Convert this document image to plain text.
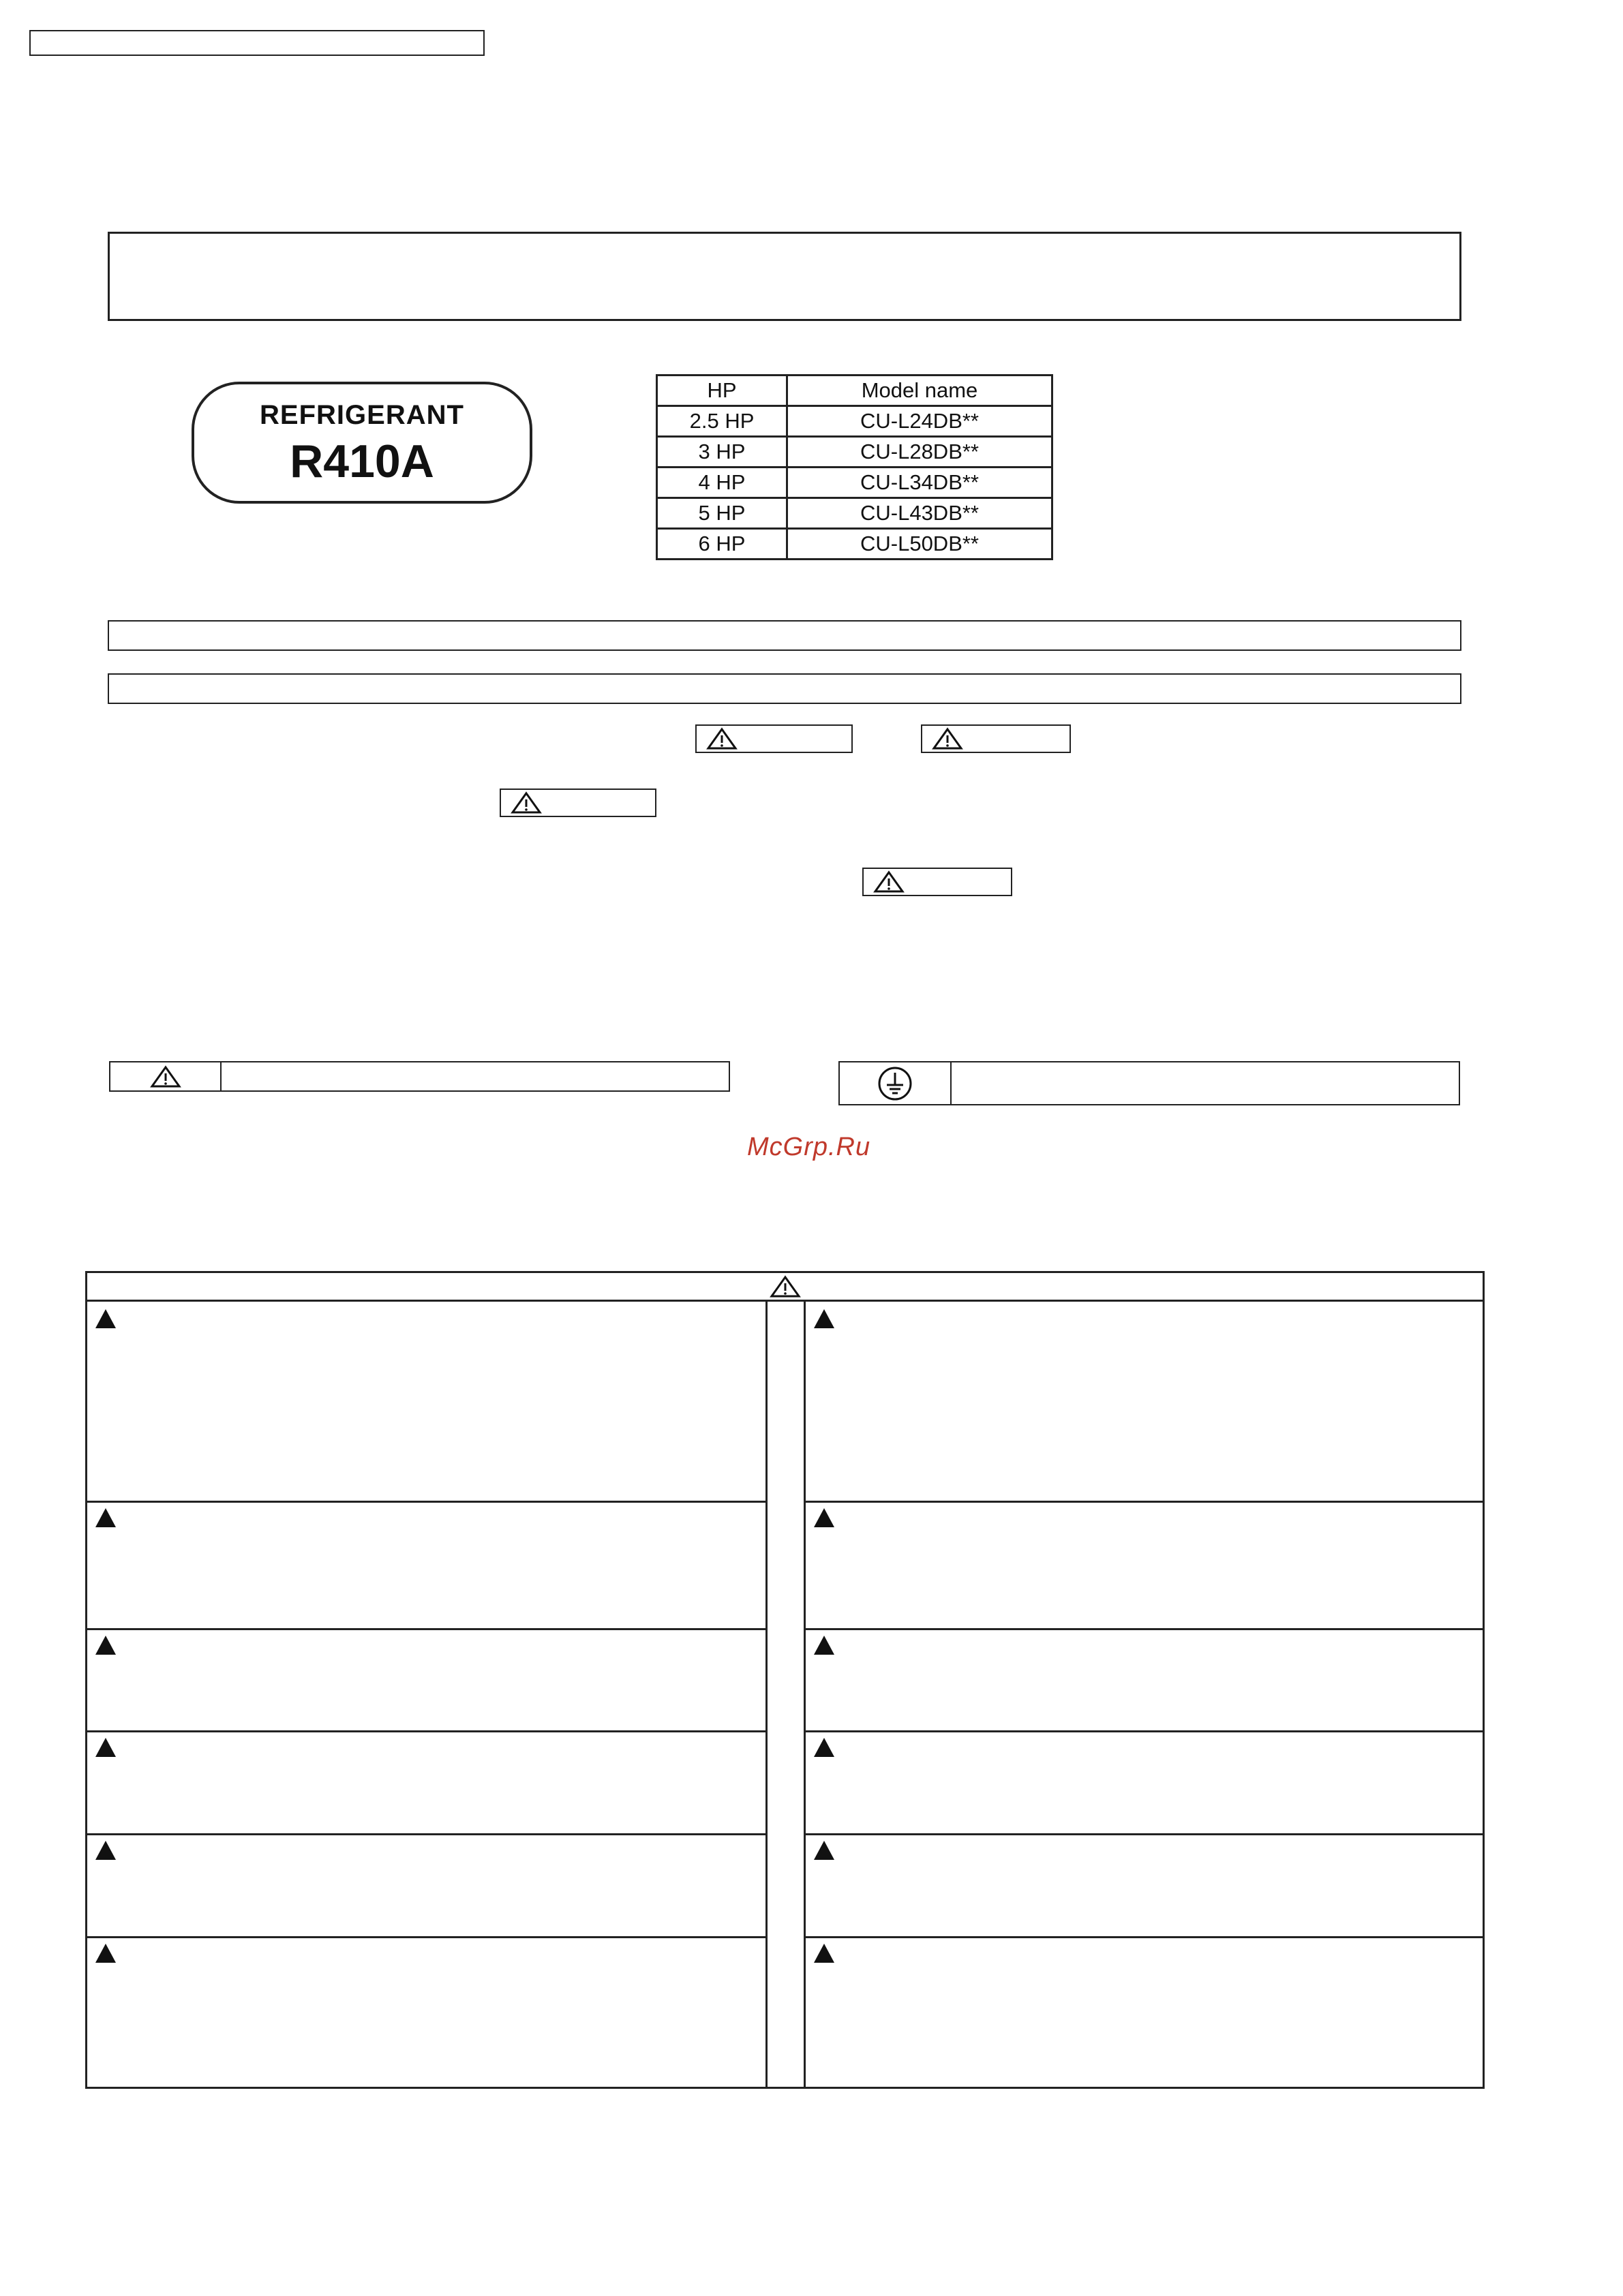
REFRIGERANT
R410A
HP	Model name
2.5 HP	CU-L24DB**
3 HP	CU-L28DB**
4 HP	CU-L34DB**
5 HP	CU-L43DB**
6 HP	CU-L50DB**
McGrp.Ru
